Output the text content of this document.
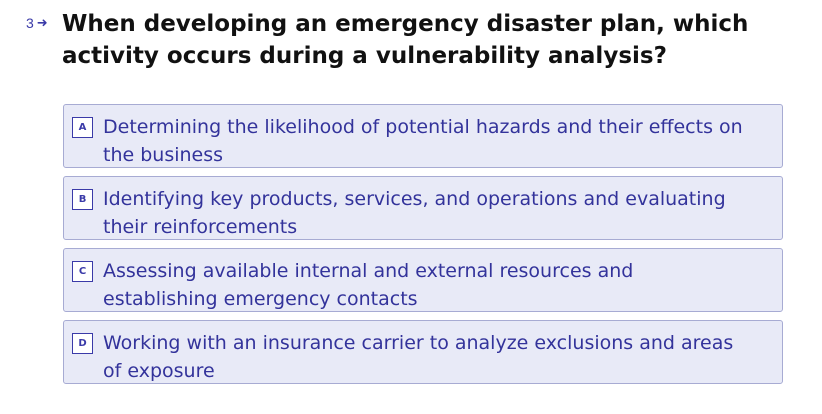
3 ➜ When developing an emergency disaster plan, which activity occurs during a vulnerability analysis?
A Determining the likelihood of potential hazards and their effects on the business
B Identifying key products, services, and operations and evaluating their reinforcements
C Assessing available internal and external resources and establishing emergency contacts
D Working with an insurance carrier to analyze exclusions and areas of exposure
